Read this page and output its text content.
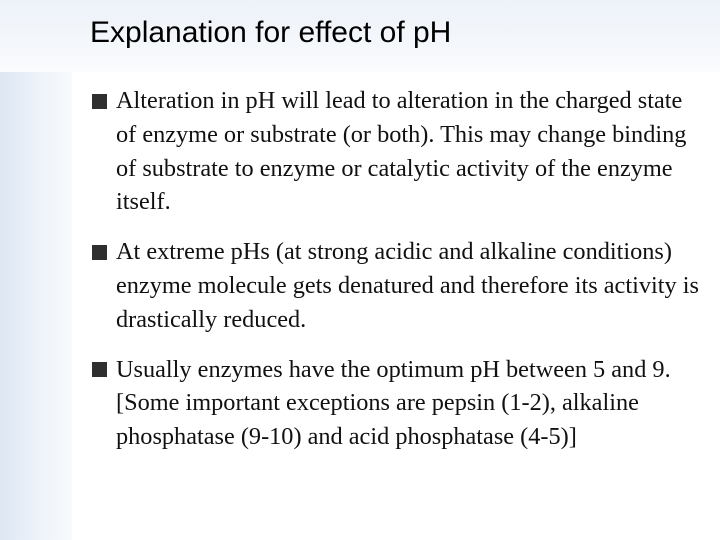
Explanation for effect of pH
Alteration in pH will lead to alteration in the charged state of enzyme or substrate (or both). This may change binding of substrate to enzyme or catalytic activity of the enzyme itself.
At extreme pHs (at strong acidic and alkaline conditions) enzyme molecule gets denatured and therefore its activity is drastically reduced.
Usually enzymes have the optimum pH between 5 and 9. [Some important exceptions are pepsin (1-2), alkaline phosphatase (9-10) and acid phosphatase (4-5)]
